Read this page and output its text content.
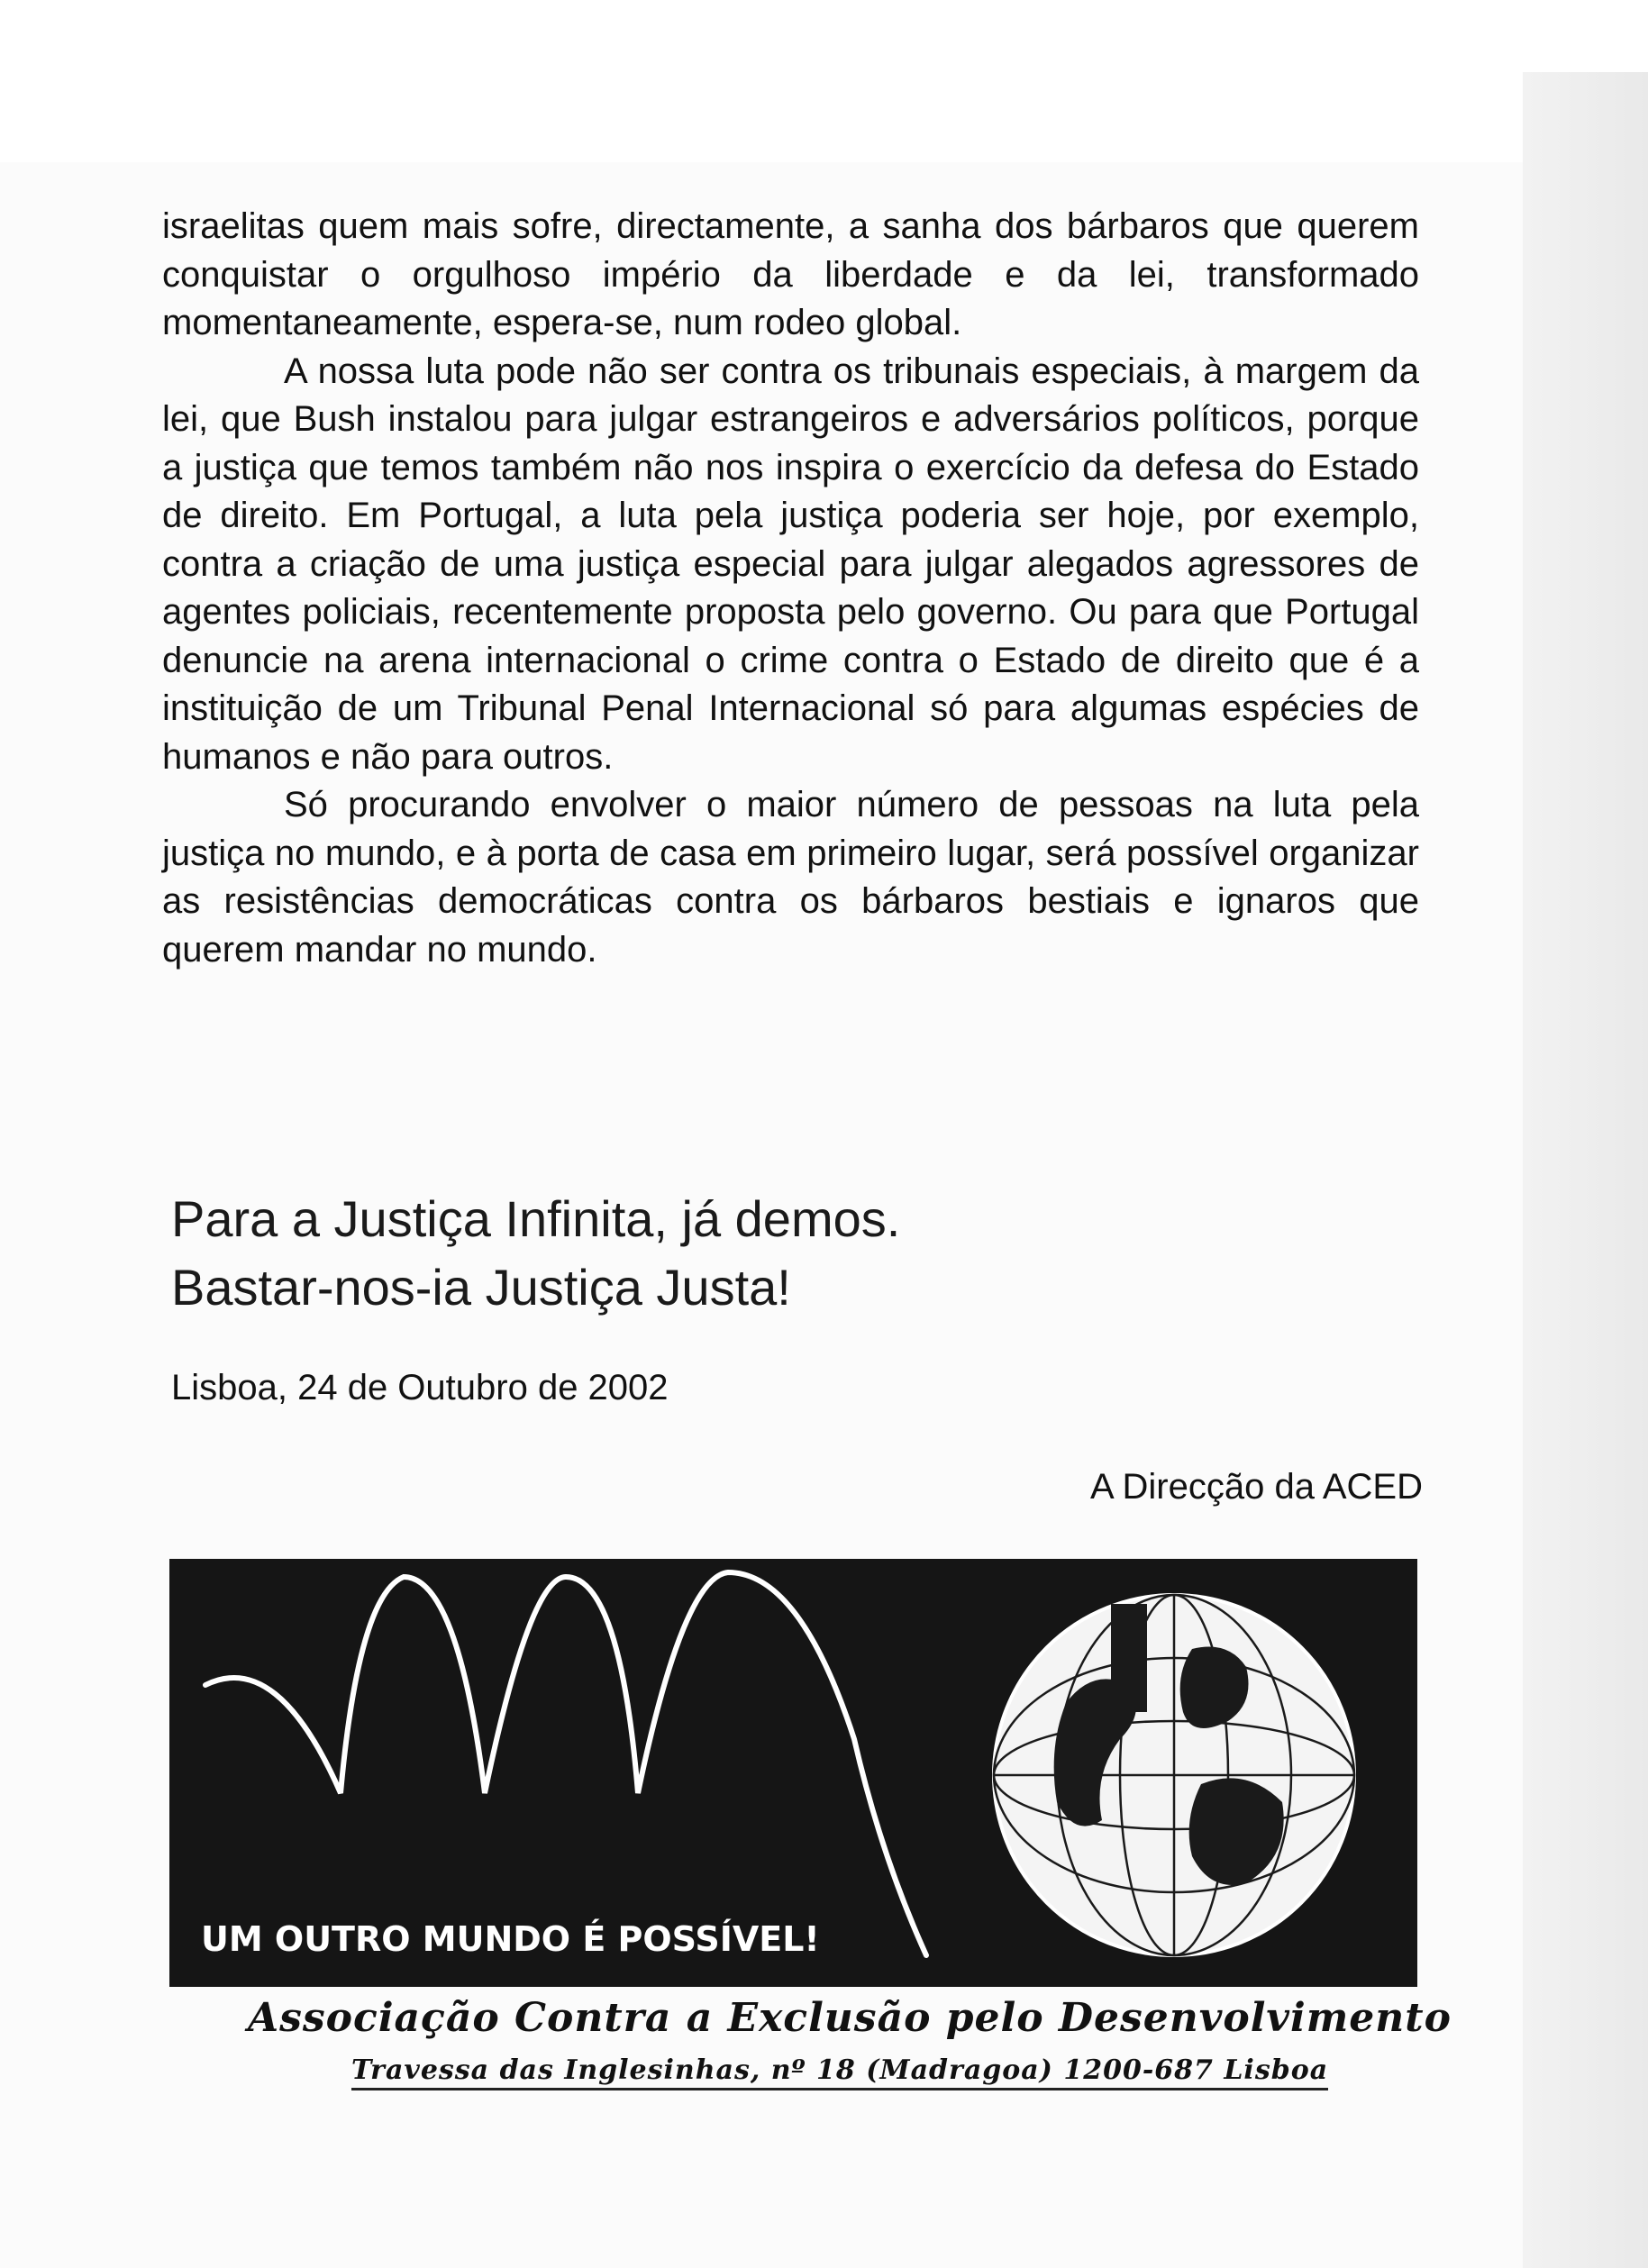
israelitas quem mais sofre, directamente, a sanha dos bárbaros que querem conquistar o orgulhoso império da liberdade e da lei, transformado momentaneamente, espera-se, num rodeo global.

A nossa luta pode não ser contra os tribunais especiais, à margem da lei, que Bush instalou para julgar estrangeiros e adversários políticos, porque a justiça que temos também não nos inspira o exercício da defesa do Estado de direito. Em Portugal, a luta pela justiça poderia ser hoje, por exemplo, contra a criação de uma justiça especial para julgar alegados agressores de agentes policiais, recentemente proposta pelo governo. Ou para que Portugal denuncie na arena internacional o crime contra o Estado de direito que é a instituição de um Tribunal Penal Internacional só para algumas espécies de humanos e não para outros.

Só procurando envolver o maior número de pessoas na luta pela justiça no mundo, e à porta de casa em primeiro lugar, será possível organizar as resistências democráticas contra os bárbaros bestiais e ignaros que querem mandar no mundo.

Para a Justiça Infinita, já demos.
Bastar-nos-ia Justiça Justa!
Lisboa, 24 de Outubro de 2002
A Direcção da ACED
UM OUTRO MUNDO É POSSÍVEL!
Associação Contra a Exclusão pelo Desenvolvimento
Travessa das Inglesinhas, nº 18 (Madragoa) 1200-687 Lisboa
